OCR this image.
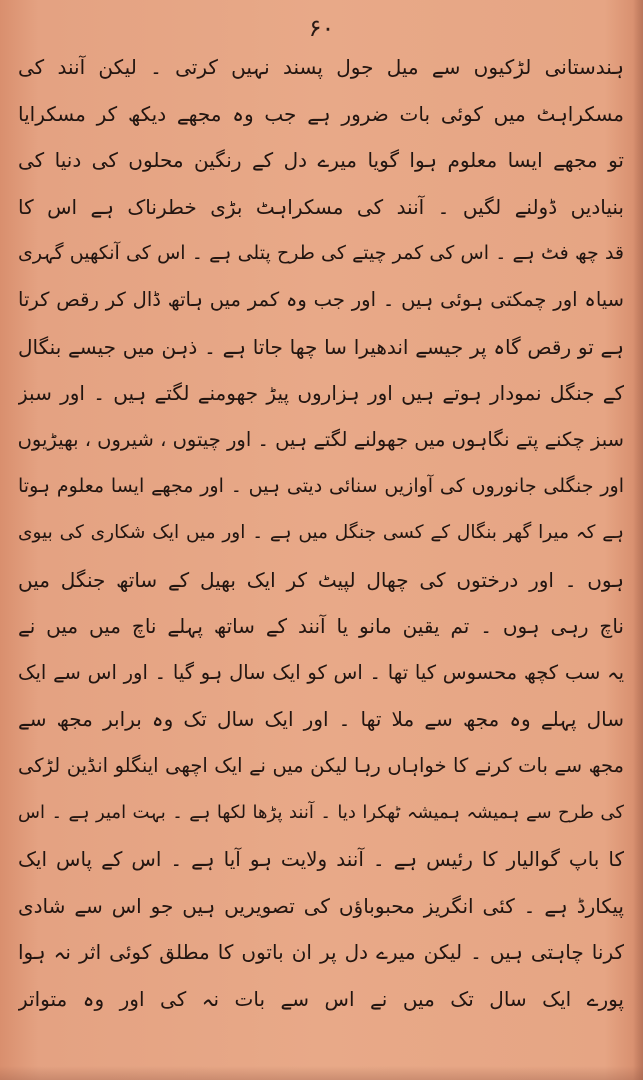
۶۰
ہندستانی لڑکیوں سے میل جول پسند نہیں کرتی ۔ لیکن آنند کی
مسکراہٹ میں کوئی بات ضرور ہے جب وہ مجھے دیکھ کر مسکرایا
تو مجھے ایسا معلوم ہوا گویا میرے دل کے رنگین محلوں کی دنیا کی
بنیادیں ڈولنے لگیں ۔ آنند کی مسکراہٹ بڑی خطرناک ہے اس کا
قد چھ فٹ ہے ۔ اس کی کمر چیتے کی طرح پتلی ہے ۔ اس کی آنکھیں گہری
سیاہ اور چمکتی ہوئی ہیں ۔ اور جب وہ کمر میں ہاتھ ڈال کر رقص کرتا
ہے تو رقص گاہ پر جیسے اندھیرا سا چھا جاتا ہے ۔ ذہن میں جیسے بنگال
کے جنگل نمودار ہوتے ہیں اور ہزاروں پیڑ جھومنے لگتے ہیں ۔ اور سبز
سبز چکنے پتے نگاہوں میں جھولنے لگتے ہیں ۔ اور چیتوں ، شیروں ، بھیڑیوں
اور جنگلی جانوروں کی آوازیں سنائی دیتی ہیں ۔ اور مجھے ایسا معلوم ہوتا
ہے کہ میرا گھر بنگال کے کسی جنگل میں ہے ۔ اور میں ایک شکاری کی بیوی
ہوں ۔ اور درختوں کی چھال لپیٹ کر ایک بھیل کے ساتھ جنگل میں
ناچ رہی ہوں ۔ تم یقین مانو یا آنند کے ساتھ پہلے ناچ میں میں نے
یہ سب کچھ محسوس کیا تھا ۔ اس کو ایک سال ہو گیا ۔ اور اس سے ایک
سال پہلے وہ مجھ سے ملا تھا ۔ اور ایک سال تک وہ برابر مجھ سے
مجھ سے بات کرنے کا خواہاں رہا لیکن میں نے ایک اچھی اینگلو انڈین لڑکی
کی طرح سے ہمیشہ ہمیشہ ٹھکرا دیا ۔ آنند پڑھا لکھا ہے ۔ بہت امیر ہے ۔ اس
کا باپ گوالیار کا رئیس ہے ۔ آنند ولایت ہو آیا ہے ۔ اس کے پاس ایک
پیکارڈ ہے ۔ کئی انگریز محبوباؤں کی تصویریں ہیں جو اس سے شادی
کرنا چاہتی ہیں ۔ لیکن میرے دل پر ان باتوں کا مطلق کوئی اثر نہ ہوا
پورے ایک سال تک میں نے اس سے بات نہ کی اور وہ متواتر
